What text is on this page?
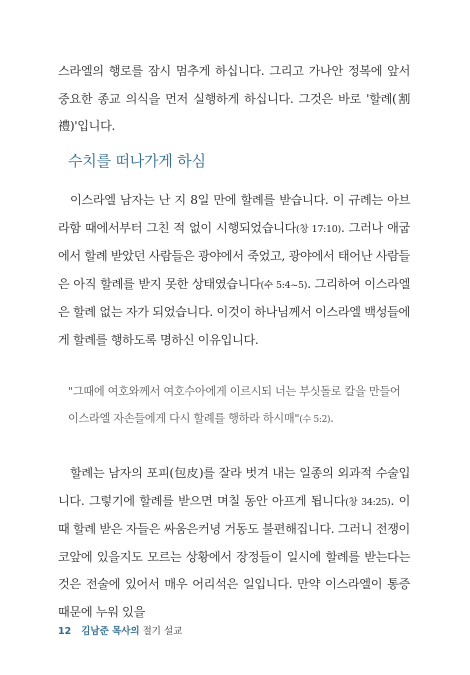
스라엘의 행로를 잠시 멈추게 하십니다. 그리고 가나안 정복에 앞서 중요한 종교 의식을 먼저 실행하게 하십니다. 그것은 바로 '할례(割禮)'입니다.

수치를 떠나가게 하심

이스라엘 남자는 난 지 8일 만에 할례를 받습니다. 이 규례는 아브라함 때에서부터 그친 적 없이 시행되었습니다(창 17:10). 그러나 애굽에서 할례 받았던 사람들은 광야에서 죽었고, 광야에서 태어난 사람들은 아직 할례를 받지 못한 상태였습니다(수 5:4~5). 그리하여 이스라엘은 할례 없는 자가 되었습니다. 이것이 하나님께서 이스라엘 백성들에게 할례를 행하도록 명하신 이유입니다.

"그때에 여호와께서 여호수아에게 이르시되 너는 부싯돌로 칼을 만들어 이스라엘 자손들에게 다시 할례를 행하라 하시매"(수 5:2).

할례는 남자의 포피(包皮)를 잘라 벗겨 내는 일종의 외과적 수술입니다. 그렇기에 할례를 받으면 며칠 동안 아프게 됩니다(창 34:25). 이때 할례 받은 자들은 싸움은커녕 거동도 불편해집니다. 그러니 전쟁이 코앞에 있을지도 모르는 상황에서 장정들이 일시에 할례를 받는다는 것은 전술에 있어서 매우 어리석은 일입니다. 만약 이스라엘이 통증 때문에 누워 있을

12 김남준 목사의 절기 설교
